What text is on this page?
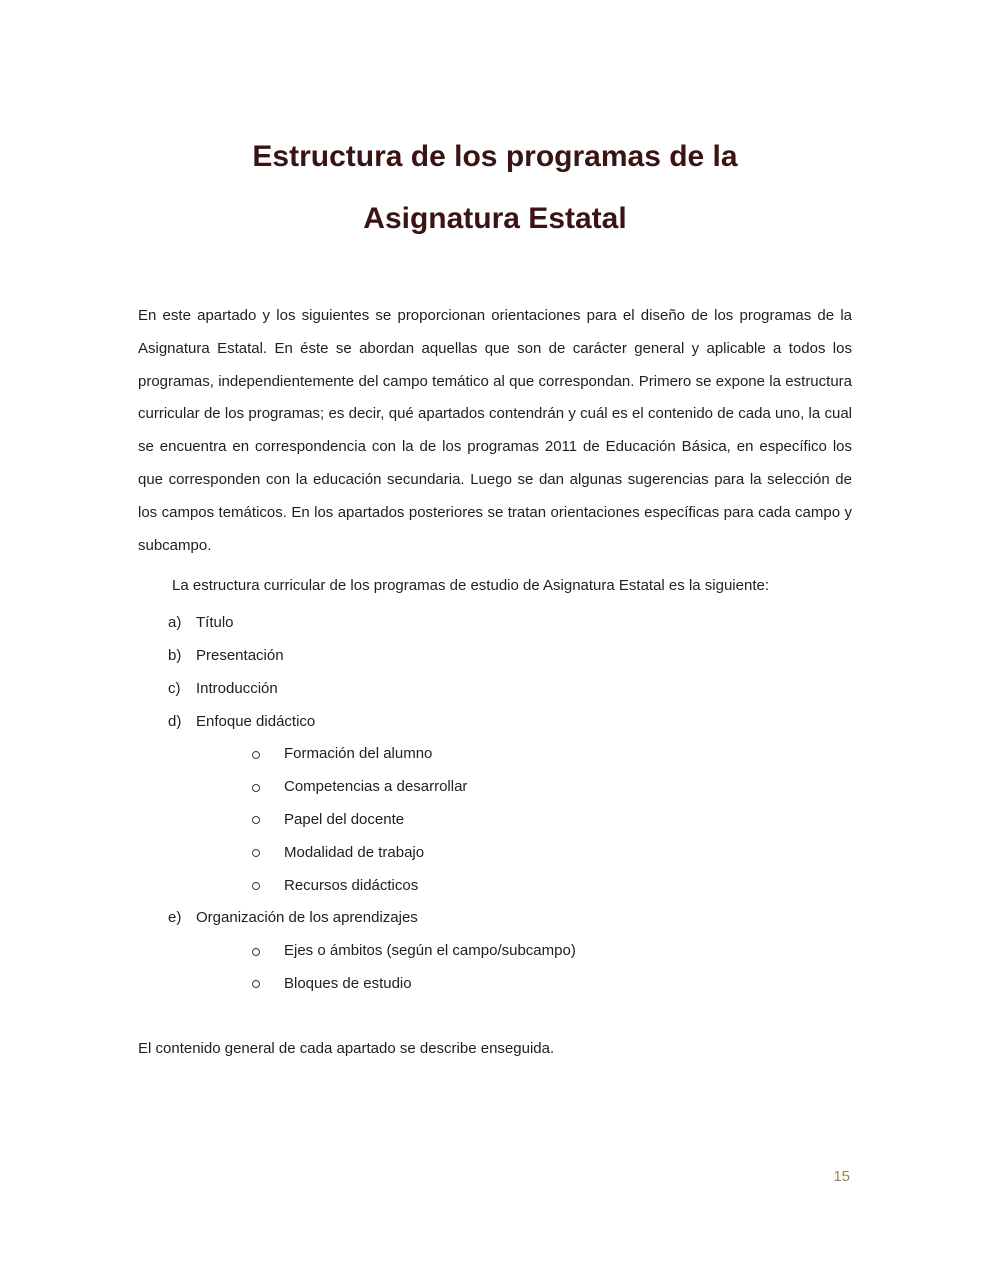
Estructura de los programas de la
Asignatura Estatal

En este apartado y los siguientes se proporcionan orientaciones para el diseño de los programas de la Asignatura Estatal. En éste se abordan aquellas que son de carácter general y aplicable a todos los programas, independientemente del campo temático al que correspondan. Primero se expone la estructura curricular de los programas; es decir, qué apartados contendrán y cuál es el contenido de cada uno, la cual se encuentra en correspondencia con la de los programas 2011 de Educación Básica, en específico los que corresponden con la educación secundaria. Luego se dan algunas sugerencias para la selección de los campos temáticos. En los apartados posteriores se tratan orientaciones específicas para cada campo y subcampo.

La estructura curricular de los programas de estudio de Asignatura Estatal es la siguiente:

a) Título
b) Presentación
c)	Introducción
d) Enfoque didáctico
Formación del alumno
Competencias a desarrollar
Papel del docente
Modalidad de trabajo
Recursos didácticos
e) Organización de los aprendizajes
Ejes o ámbitos (según el campo/subcampo)
Bloques de estudio

El contenido general de cada apartado se describe enseguida.

15
